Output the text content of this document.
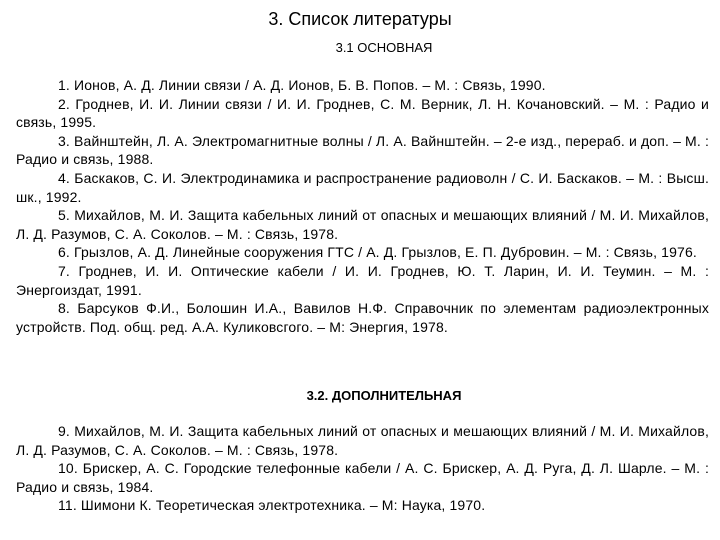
3. Список литературы
3.1 ОСНОВНАЯ
1. Ионов, А. Д. Линии связи / А. Д. Ионов, Б. В. Попов. – М. : Связь, 1990.
2. Гроднев, И. И. Линии связи / И. И. Гроднев, С. М. Верник, Л. Н. Кочановский. – М. : Радио и связь, 1995.
3. Вайнштейн, Л. А. Электромагнитные волны / Л. А. Вайнштейн. – 2-е изд., перераб. и доп. – М. : Радио и связь, 1988.
4. Баскаков, С. И. Электродинамика и распространение радиоволн / С. И. Баскаков. – М. : Высш. шк., 1992.
5. Михайлов, М. И. Защита кабельных линий от опасных и мешающих влияний / М. И. Михайлов, Л. Д. Разумов, С. А. Соколов. – М. : Связь, 1978.
6. Грызлов, А. Д. Линейные сооружения ГТС / А. Д. Грызлов, Е. П. Дубровин. – М. : Связь, 1976.
7. Гроднев, И. И. Оптические кабели / И. И. Гроднев, Ю. Т. Ларин, И. И. Теумин. – М. : Энергоиздат, 1991.
8. Барсуков Ф.И., Болошин И.А., Вавилов Н.Ф. Справочник по элементам радиоэлектронных устройств. Под. общ. ред. А.А. Куликовсгого. – М: Энергия, 1978.
3.2. ДОПОЛНИТЕЛЬНАЯ
9. Михайлов, М. И. Защита кабельных линий от опасных и мешающих влияний / М. И. Михайлов, Л. Д. Разумов, С. А. Соколов. – М. : Связь, 1978.
10. Брискер, А. С. Городские телефонные кабели / А. С. Брискер, А. Д. Руга, Д. Л. Шарле. – М. : Радио и связь, 1984.
11. Шимони К. Теоретическая электротехника. – М: Наука, 1970.
